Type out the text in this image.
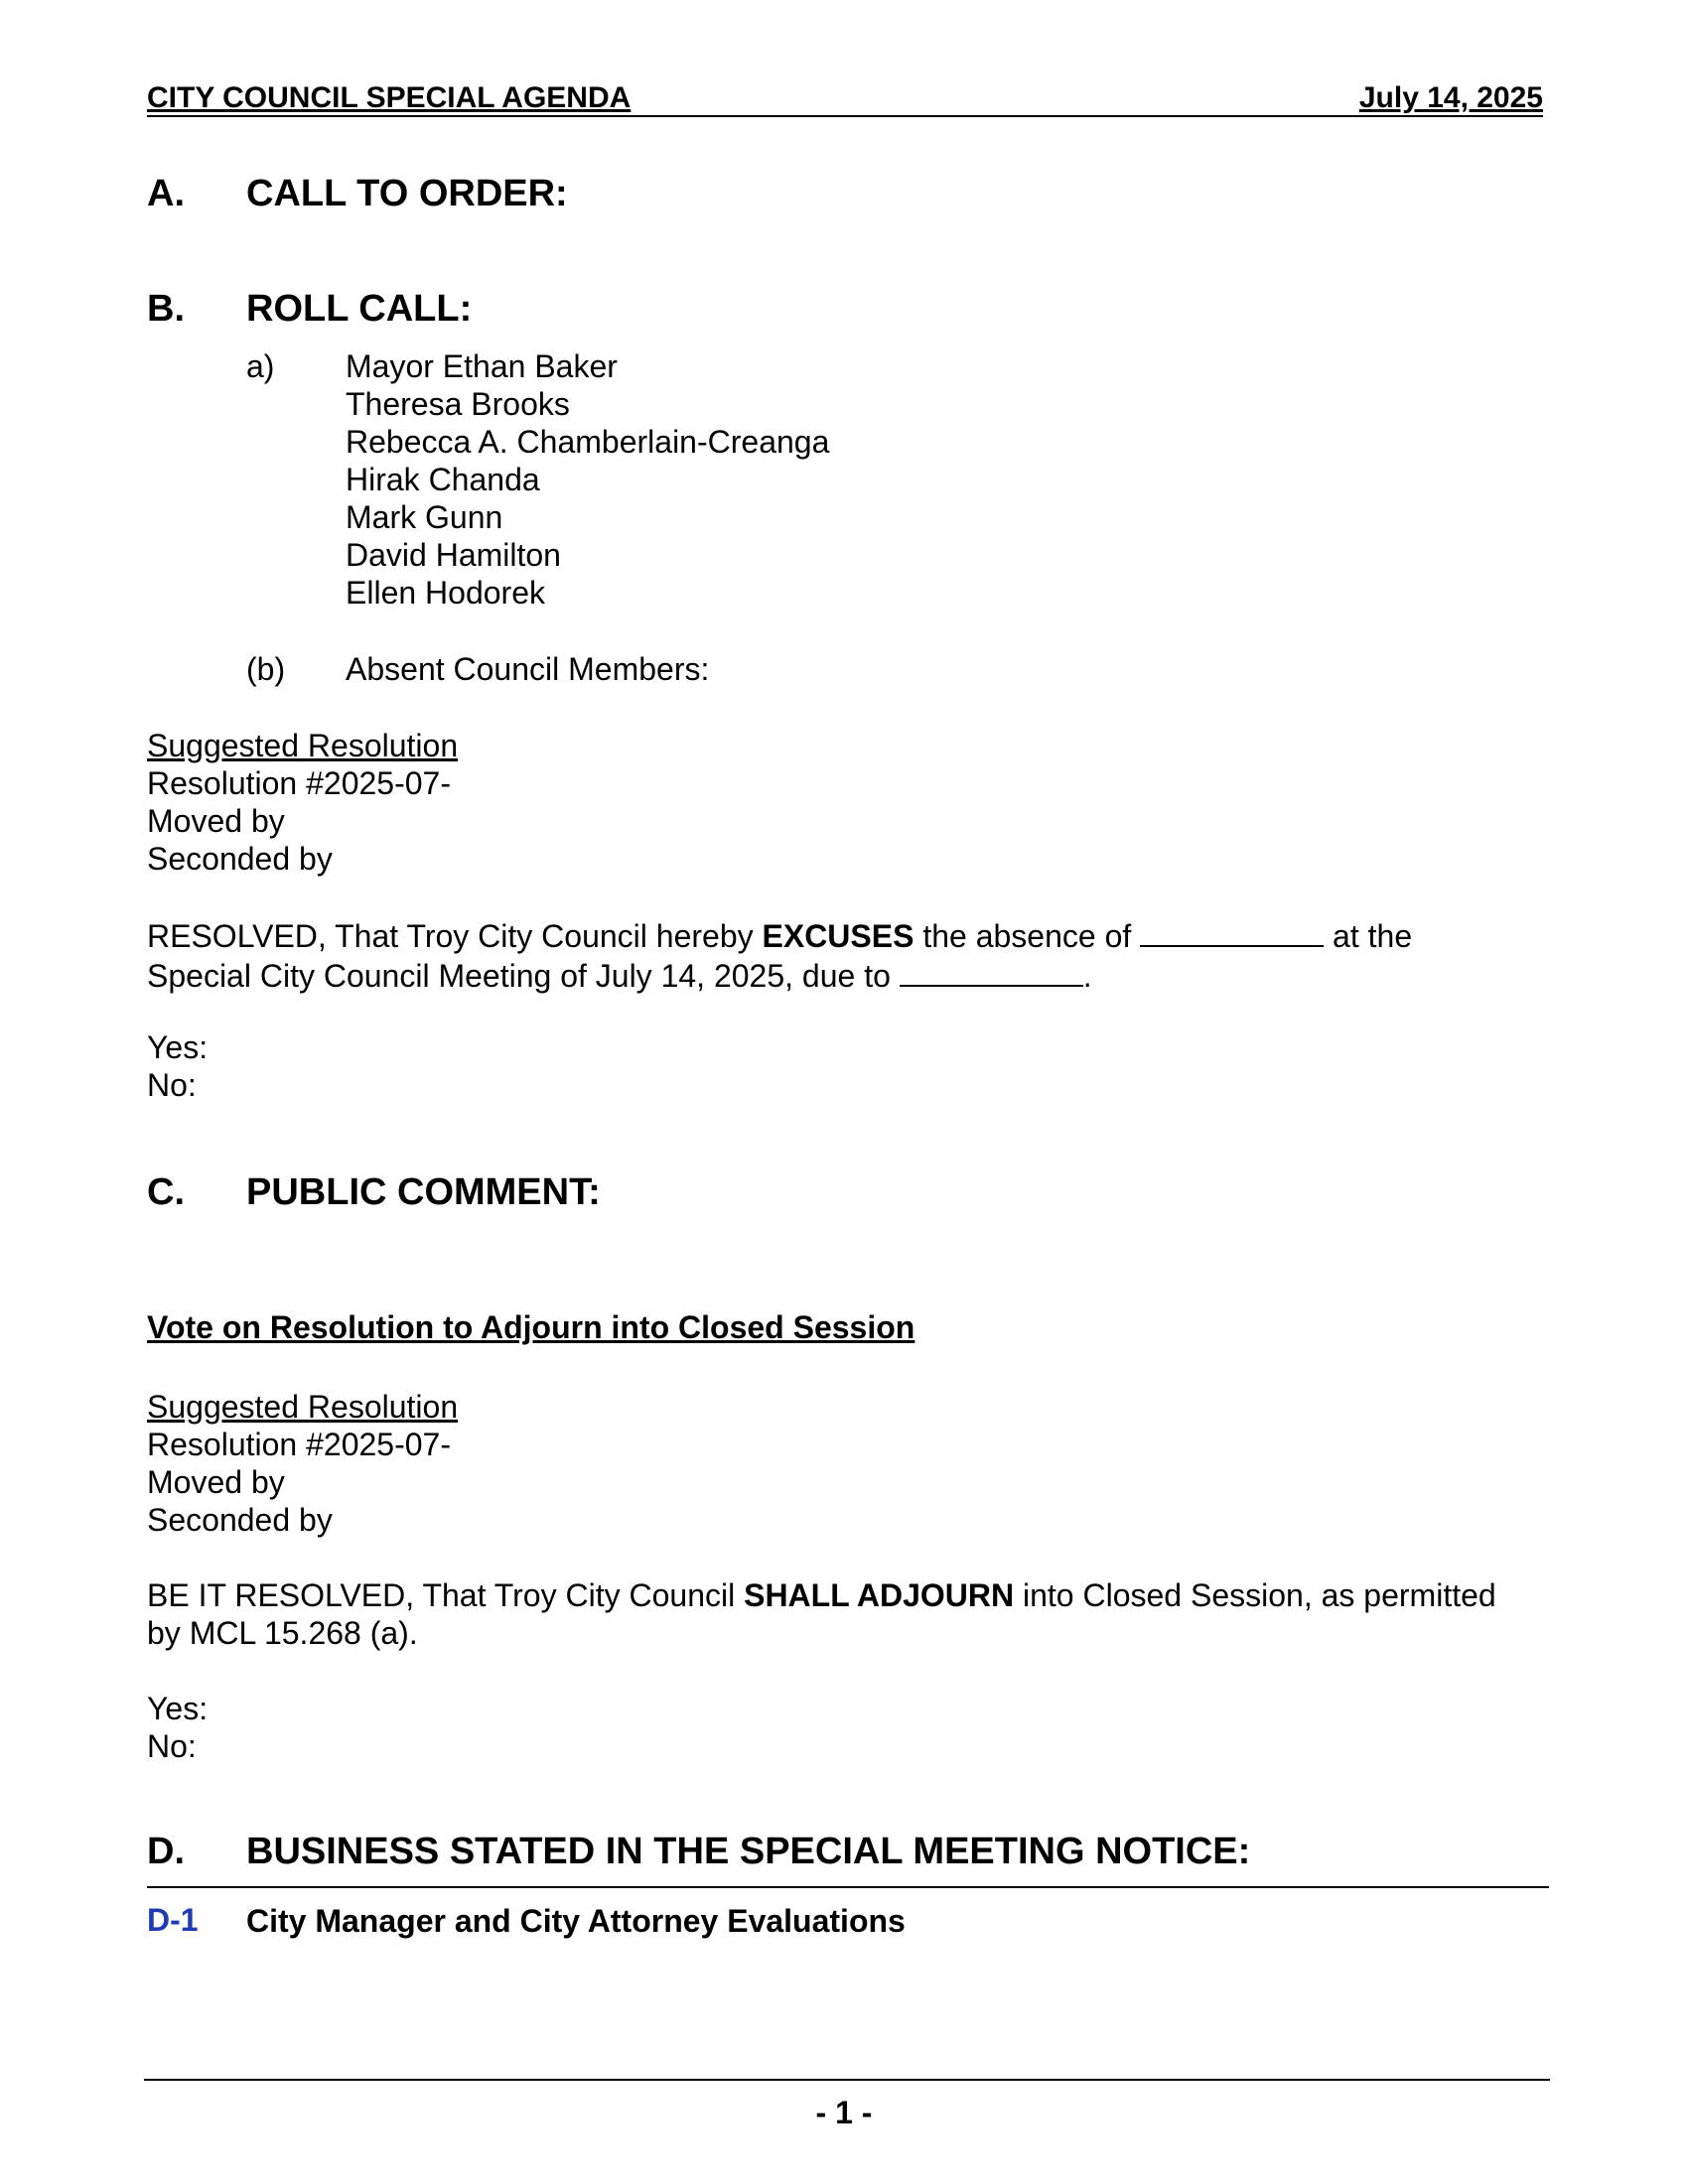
CITY COUNCIL SPECIAL AGENDA	July 14, 2025
A. CALL TO ORDER:
B. ROLL CALL:
a) Mayor Ethan Baker
Theresa Brooks
Rebecca A. Chamberlain-Creanga
Hirak Chanda
Mark Gunn
David Hamilton
Ellen Hodorek
(b) Absent Council Members:
Suggested Resolution
Resolution #2025-07-
Moved by
Seconded by
RESOLVED, That Troy City Council hereby EXCUSES the absence of	at the
Special City Council Meeting of July 14, 2025, due to	.
Yes:
No:
C. PUBLIC COMMENT:
Vote on Resolution to Adjourn into Closed Session
Suggested Resolution
Resolution #2025-07-
Moved by
Seconded by
BE IT RESOLVED, That Troy City Council SHALL ADJOURN into Closed Session, as permitted
by MCL 15.268 (a).
Yes:
No:
D. BUSINESS STATED IN THE SPECIAL MEETING NOTICE:
D-1 City Manager and City Attorney Evaluations
- 1 -
